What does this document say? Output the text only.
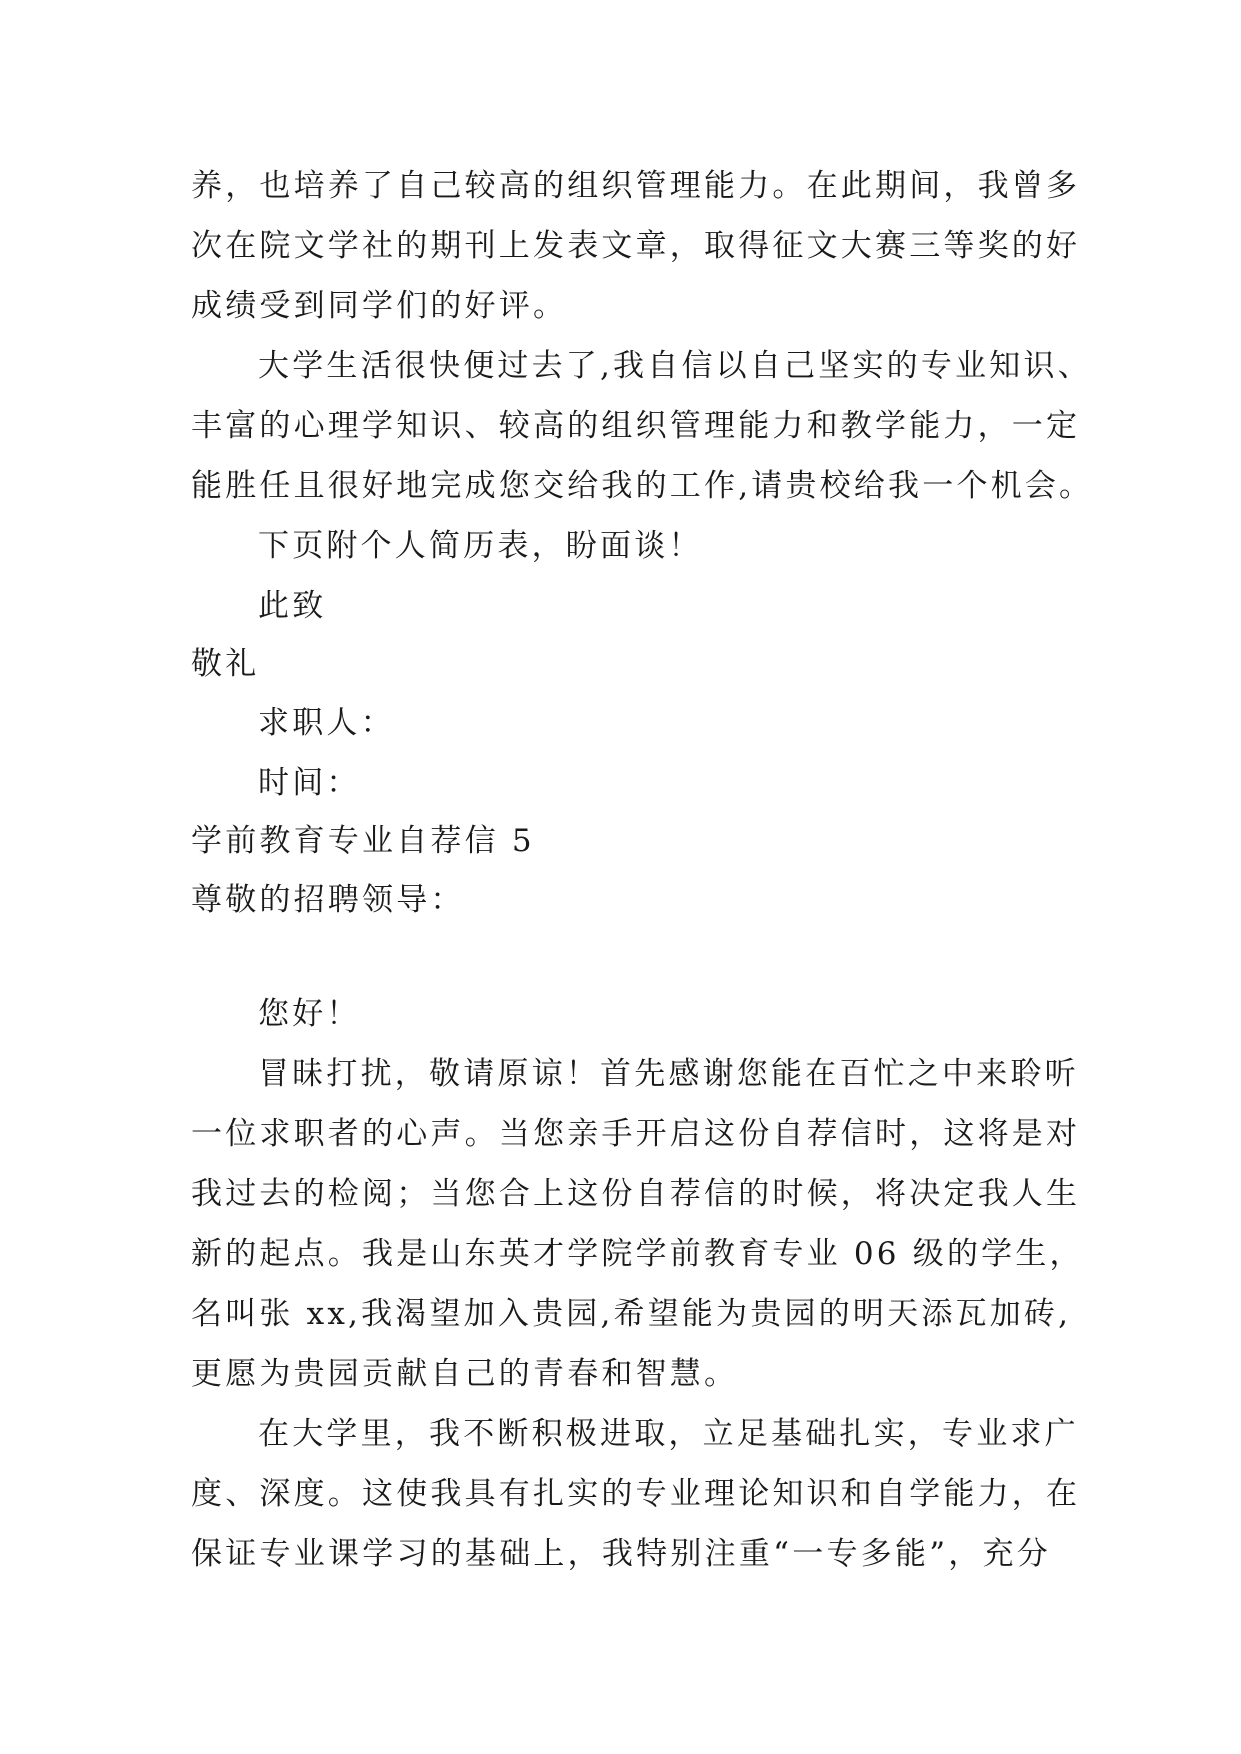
养，也培养了自己较高的组织管理能力。在此期间，我曾多
次在院文学社的期刊上发表文章，取得征文大赛三等奖的好
成绩受到同学们的好评。
大学生活很快便过去了,我自信以自己坚实的专业知识、
丰富的心理学知识、较高的组织管理能力和教学能力，一定
能胜任且很好地完成您交给我的工作,请贵校给我一个机会。
下页附个人简历表，盼面谈！
此致
敬礼
求职人：
时间：
学前教育专业自荐信 5
尊敬的招聘领导：
您好！
冒昧打扰，敬请原谅！首先感谢您能在百忙之中来聆听
一位求职者的心声。当您亲手开启这份自荐信时，这将是对
我过去的检阅；当您合上这份自荐信的时候，将决定我人生
新的起点。我是山东英才学院学前教育专业 06 级的学生，
名叫张 xx,我渴望加入贵园,希望能为贵园的明天添瓦加砖,
更愿为贵园贡献自己的青春和智慧。
在大学里，我不断积极进取，立足基础扎实，专业求广
度、深度。这使我具有扎实的专业理论知识和自学能力，在
保证专业课学习的基础上，我特别注重“一专多能”，充分
